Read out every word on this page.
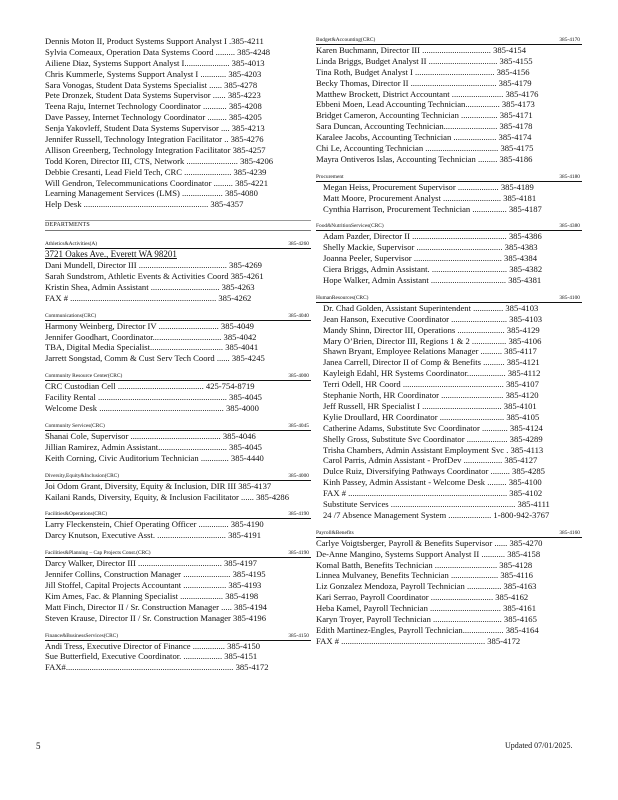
Dennis Moton II, Product Systems Support Analyst I .385-4211
Sylvia Comeaux, Operation Data Systems Coord ......... 385-4248
Ailiene Diaz, Systems Support Analyst I..................... 385-4013
Chris Kummerle, Systems Support Analyst I ............ 385-4203
Sara Vonogas, Student Data Systems Specialist ...... 385-4278
Pete Dronzek, Student Data Systems Supervisor ...... 385-4223
Teena Raju, Internet Technology Coordinator ........... 385-4208
Dave Passey, Internet Technology Coordinator ......... 385-4205
Senja Yakovleff, Student Data Systems Supervisor .... 385-4213
Jennifer Russell, Technology Integration Facilitator .. 385-4276
Allison Greenberg, Technology Integration Facilitator 385-4257
Todd Koren, Director III, CTS, Network ........................ 385-4206
Debbie Cresanti, Lead Field Tech, CRC ...................... 385-4239
Will Gendron, Telecommunications Coordinator ......... 385-4221
Learning Management Services (LMS) ................... 385-4080
Help Desk .......................................................... 385-4357
DEPARTMENTS
Athletics&Activities(A)	385-4260
3721 Oakes Ave., Everett WA 98201
Dani Mundell, Director III ......................................... 385-4269
Sarah Sundstrom, Athletic Events & Activities Coord 385-4261
Kristin Shea, Admin Assistant ................................ 385-4263
FAX # .................................................................... 385-4262
Communications(CRC)	385-4040
Harmony Weinberg, Director IV ............................ 385-4049
Jennifer Goodhart, Coordinator................................ 385-4042
TBA, Digital Media Specialist.................................. 385-4041
Jarrett Songstad, Comm & Cust Serv Tech Coord ...... 385-4245
Community Resource Center(CRC)	385-4000
CRC Custodian Cell ........................................ 425-754-8719
Facility Rental ............................................................ 385-4045
Welcome Desk .......................................................... 385-4000
Community Services(CRC)	385-4045
Shanai Cole, Supervisor .......................................... 385-4046
Jillian Ramirez, Admin Assistant................................ 385-4045
Keith Corning, Civic Auditorium Technician ............. 385-4440
Diversity,Equity&Inclusion(CRC)	385-4000
Joi Odom Grant, Diversity, Equity & Inclusion, DIR III 385-4137
Kailani Rands, Diversity, Equity, & Inclusion Facilitator ...... 385-4286
Facilities&Operations(CRC)	385-4190
Larry Fleckenstein, Chief Operating Officer .............. 385-4190
Darcy Knutson, Executive Asst. ................................ 385-4191
Facilities&Planning – Cap Projects Const.(CRC)	385-4190
Darcy Walker, Director III ....................................... 385-4197
Jennifer Collins, Construction Manager ...................... 385-4195
Jill Stoffel, Capital Projects Accountant .................... 385-4193
Kim Ames, Fac. & Planning Specialist .................... 385-4198
Matt Finch, Director II / Sr. Construction Manager ..... 385-4194
Steven Krause, Director II / Sr. Construction Manager 385-4196
Finance&BusinessServices(CRC)	385-4150
Andi Tress, Executive Director of Finance ............... 385-4150
Sue Butterfield, Executive Coordinator. .................. 385-4151
FAX#.............................................................................. 385-4172
Budget&Accounting(CRC)	385-4170
Karen Buchmann, Director III ................................ 385-4154
Linda Briggs, Budget Analyst II ................................ 385-4155
Tina Roth, Budget Analyst I ..................................... 385-4156
Becky Thomas, Director II ........................................ 385-4179
Matthew Brockett, District Accountant ........................ 385-4176
Ebbeni Moen, Lead Accounting Technician................ 385-4173
Bridget Cameron, Accounting Technician ................. 385-4171
Sara Duncan, Accounting Technician......................... 385-4178
Karalee Jacobs, Accounting Technician .................... 385-4174
Chi Le, Accounting Technician .................................. 385-4175
Mayra Ontiveros Islas, Accounting Technician ......... 385-4186
Procurement	385-4180
Megan Heiss, Procurement Supervisor ................... 385-4189
Matt Moore, Procurement Analyst ........................... 385-4181
Cynthia Harrison, Procurement Technician ................ 385-4187
Food&NutritionServices(CRC)	385-4380
Adam Pazder, Director II ............................................ 385-4386
Shelly Mackie, Supervisor ........................................ 385-4383
Joanna Peeler, Supervisor ......................................... 385-4384
Ciera Briggs, Admin Assistant. ................................... 385-4382
Hope Walker, Admin Assistant ................................... 385-4381
HumanResources(CRC)	385-4100
Dr. Chad Golden, Assistant Superintendent .............. 385-4103
Jean Hanson, Executive Coordinator .......................... 385-4103
Mandy Shinn, Director III, Operations ...................... 385-4129
Mary O’Brien, Director III, Regions 1 & 2 ................ 385-4106
Shawn Bryant, Employee Relations Manager .......... 385-4117
Janea Carrell, Director II of Comp & Benefits .......... 385-4121
Kayleigh Edahl, HR Systems Coordinator.................. 385-4112
Terri Odell, HR Coord ............................................... 385-4107
Stephanie North, HR Coordinator ............................. 385-4120
Jeff Russell, HR Specialist I ..................................... 385-4101
Kylie Droullard, HR Coordinator .............................. 385-4105
Catherine Adams, Substitute Svc Coordinator ............ 385-4124
Shelly Gross, Substitute Svc Coordinator ................... 385-4289
Trisha Chambers, Admin Assistant Employment Svc . 385-4113
Carol Parris, Admin Assistant - ProfDev .................. 385-4127
Dulce Ruiz, Diversifying Pathways Coordinator ......... 385-4285
Kinh Passey, Admin Assistant - Welcome Desk ......... 385-4100
FAX # .......................................................................... 385-4102
Substitute Services .......................................................... 385-4111
24 /7 Absence Management System .................... 1-800-942-3767
Payroll&Benefits	385-4160
Carlye Voigtsberger, Payroll & Benefits Supervisor ...... 385-4270
De-Anne Mangino, Systems Support Analyst II ........... 385-4158
Komal Batth, Benefits Technician ............................. 385-4128
Linnea Mulvaney, Benefits Technician ...................... 385-4116
Liz Gonzalez Mendoza, Payroll Technician ................ 385-4163
Kari Serrao, Payroll Coordinator ............................. 385-4162
Heba Kamel, Payroll Technician ................................. 385-4161
Karyn Troyer, Payroll Technician ................................ 385-4165
Edith Martinez-Engles, Payroll Technician................... 385-4164
FAX # ................................................................... 385-4172
5	Updated 07/01/2025.
